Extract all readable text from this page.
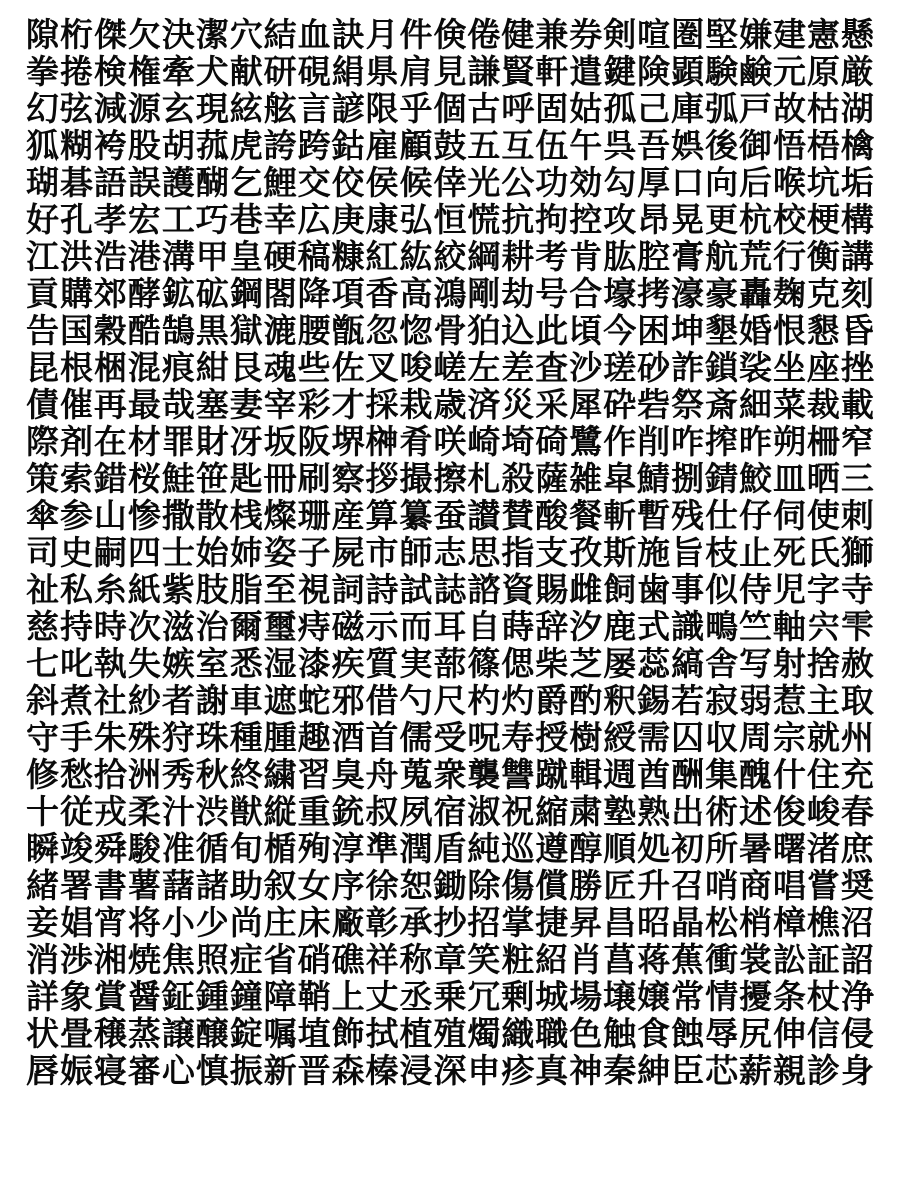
隙 桁 傑 欠 決 潔 穴 結 血 訣 月 件 倹 倦 健 兼 券 剣 喧 圏 堅 嫌 建 憲 懸
拳 捲 検 権 牽 犬 献 研 硯 絹 県 肩 見 謙 賢 軒 遣 鍵 険 顕 験 鹸 元 原 厳
幻 弦 減 源 玄 現 絃 舷 言 諺 限 乎 個 古 呼 固 姑 孤 己 庫 弧 戸 故 枯 湖
狐 糊 袴 股 胡 菰 虎 誇 跨 鈷 雇 顧 鼓 五 互 伍 午 呉 吾 娯 後 御 悟 梧 檎
瑚 碁 語 誤 護 醐 乞 鯉 交 佼 侯 候 倖 光 公 功 効 勾 厚 口 向 后 喉 坑 垢
好 孔 孝 宏 工 巧 巷 幸 広 庚 康 弘 恒 慌 抗 拘 控 攻 昂 晃 更 杭 校 梗 構
江 洪 浩 港 溝 甲 皇 硬 稿 糠 紅 紘 絞 綱 耕 考 肯 肱 腔 膏 航 荒 行 衡 講
貢 購 郊 酵 鉱 砿 鋼 閤 降 項 香 高 鴻 剛 劫 号 合 壕 拷 濠 豪 轟 麹 克 刻
告 国 穀 酷 鵠 黒 獄 漉 腰 甑 忽 惚 骨 狛 込 此 頃 今 困 坤 墾 婚 恨 懇 昏
昆 根 梱 混 痕 紺 艮 魂 些 佐 叉 唆 嵯 左 差 査 沙 瑳 砂 詐 鎖 裟 坐 座 挫
債 催 再 最 哉 塞 妻 宰 彩 才 採 栽 歳 済 災 采 犀 砕 砦 祭 斎 細 菜 裁 載
際 剤 在 材 罪 財 冴 坂 阪 堺 榊 肴 咲 崎 埼 碕 鷺 作 削 咋 搾 昨 朔 柵 窄
策 索 錯 桜 鮭 笹 匙 冊 刷 察 拶 撮 擦 札 殺 薩 雑 皐 鯖 捌 錆 鮫 皿 晒 三
傘 参 山 惨 撒 散 桟 燦 珊 産 算 纂 蚕 讃 賛 酸 餐 斬 暫 残 仕 仔 伺 使 刺
司 史 嗣 四 士 始 姉 姿 子 屍 市 師 志 思 指 支 孜 斯 施 旨 枝 止 死 氏 獅
祉 私 糸 紙 紫 肢 脂 至 視 詞 詩 試 誌 諮 資 賜 雌 飼 歯 事 似 侍 児 字 寺
慈 持 時 次 滋 治 爾 璽 痔 磁 示 而 耳 自 蒔 辞 汐 鹿 式 識 鴫 竺 軸 宍 雫
七 叱 執 失 嫉 室 悉 湿 漆 疾 質 実 蔀 篠 偲 柴 芝 屡 蕊 縞 舎 写 射 捨 赦
斜 煮 社 紗 者 謝 車 遮 蛇 邪 借 勺 尺 杓 灼 爵 酌 釈 錫 若 寂 弱 惹 主 取
守 手 朱 殊 狩 珠 種 腫 趣 酒 首 儒 受 呪 寿 授 樹 綬 需 囚 収 周 宗 就 州
修 愁 拾 洲 秀 秋 終 繍 習 臭 舟 蒐 衆 襲 讐 蹴 輯 週 酋 酬 集 醜 什 住 充
十 従 戎 柔 汁 渋 獣 縦 重 銃 叔 夙 宿 淑 祝 縮 粛 塾 熟 出 術 述 俊 峻 春
瞬 竣 舜 駿 准 循 旬 楯 殉 淳 準 潤 盾 純 巡 遵 醇 順 処 初 所 暑 曙 渚 庶
緒 署 書 薯 藷 諸 助 叙 女 序 徐 恕 鋤 除 傷 償 勝 匠 升 召 哨 商 唱 嘗 奨
妾 娼 宵 将 小 少 尚 庄 床 廠 彰 承 抄 招 掌 捷 昇 昌 昭 晶 松 梢 樟 樵 沼
消 渉 湘 焼 焦 照 症 省 硝 礁 祥 称 章 笑 粧 紹 肖 菖 蒋 蕉 衝 裳 訟 証 詔
詳 象 賞 醤 鉦 鍾 鐘 障 鞘 上 丈 丞 乗 冗 剰 城 場 壌 嬢 常 情 擾 条 杖 浄
状 畳 穣 蒸 譲 醸 錠 嘱 埴 飾 拭 植 殖 燭 織 職 色 触 食 蝕 辱 尻 伸 信 侵
唇 娠 寝 審 心 慎 振 新 晋 森 榛 浸 深 申 疹 真 神 秦 紳 臣 芯 薪 親 診 身
